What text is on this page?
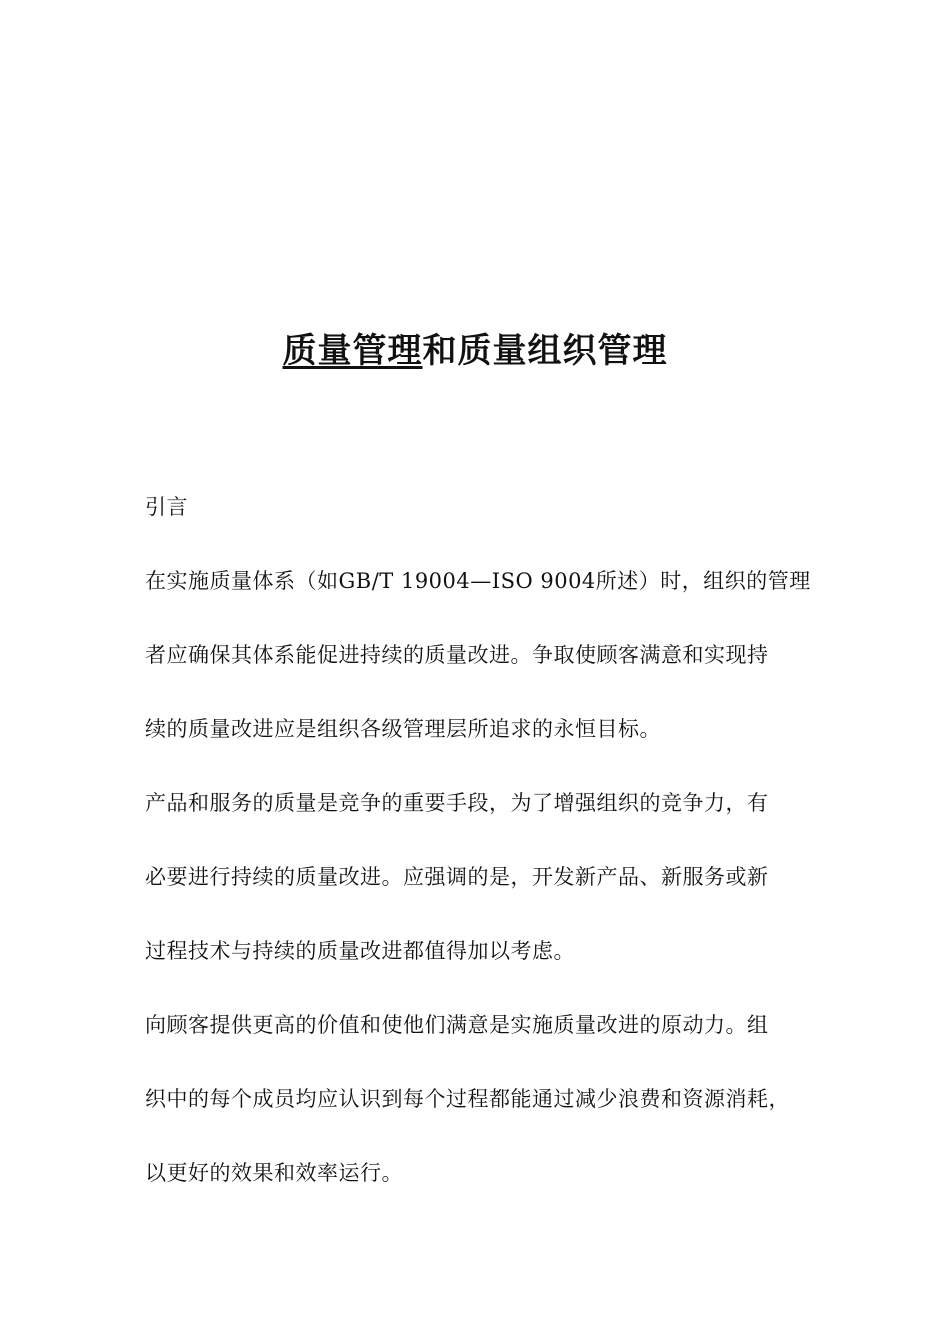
质量管理和质量组织管理

引言

在实施质量体系（如GB/T 19004—ISO 9004所述）时，组织的管理
者应确保其体系能促进持续的质量改进。争取使顾客满意和实现持
续的质量改进应是组织各级管理层所追求的永恒目标。

产品和服务的质量是竞争的重要手段，为了增强组织的竞争力，有
必要进行持续的质量改进。应强调的是，开发新产品、新服务或新
过程技术与持续的质量改进都值得加以考虑。

向顾客提供更高的价值和使他们满意是实施质量改进的原动力。组
织中的每个成员均应认识到每个过程都能通过减少浪费和资源消耗，
以更好的效果和效率运行。
